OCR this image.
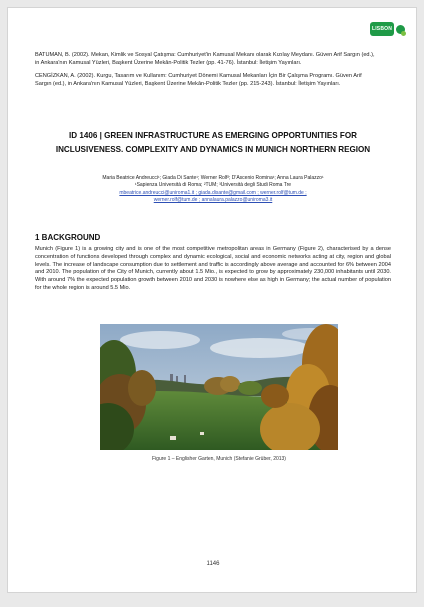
LISBON

BATUMAN, B. (2002). Mekan, Kimlik ve Sosyal Çatışma: Cumhuriyet'in Kamusal Mekanı olarak Kızılay Meydanı. Güven Arif Sargın (ed.), in Ankara'nın Kamusal Yüzleri, Başkent Üzerine Mekân-Politik Tezler (pp. 41-76). İstanbul: İletişim Yayınları.

CENGİZKAN, A. (2002). Kurgu, Tasarım ve Kullanım: Cumhuriyet Dönemi Kamusal Mekanları İçin Bir Çalışma Programı. Güven Arif Sargın (ed.), in Ankara'nın Kamusal Yüzleri, Başkent Üzerine Mekân-Politik Tezler (pp. 215-243). İstanbul: İletişim Yayınları.

ID 1406 | GREEN INFRASTRUCTURE AS EMERGING OPPORTUNITIES FOR INCLUSIVENESS. COMPLEXITY AND DYNAMICS IN MUNICH NORTHERN REGION
Maria Beatrice Andreucci¹; Giada Di Sante¹; Werner Rolf²; D'Ascenio Romina¹; Anna Laura Palazzo¹
¹Sapienza Università di Roma; ²TUM; ³Università degli Studi Roma Tre
mbeatrice.andreucci@uniroma1.it ; giada.disante@gmail.com ; werner.rolf@tum.de ;
werner.rolf@tum.de ; annalaura.palazzo@uniroma3.it
1 BACKGROUND
Munich (Figure 1) is a growing city and is one of the most competitive metropolitan areas in Germany (Figure 2), characterised by a dense concentration of functions developed through complex and dynamic ecological, social and economic networks acting at city, region and global levels. The increase of landscape consumption due to settlement and traffic is accordingly above average and accounted for 6% between 2004 and 2010. The population of the City of Munich, currently about 1.5 Mio., is expected to grow by approximately 230,000 inhabitants until 2030. With around 7% the expected population growth between 2010 and 2030 is nowhere else as high in Germany; the actual number of population for the whole region is around 5.5 Mio.
Figure 1 – Englisher Garten, Munich (Stefanie Grüber, 2013)
1146
